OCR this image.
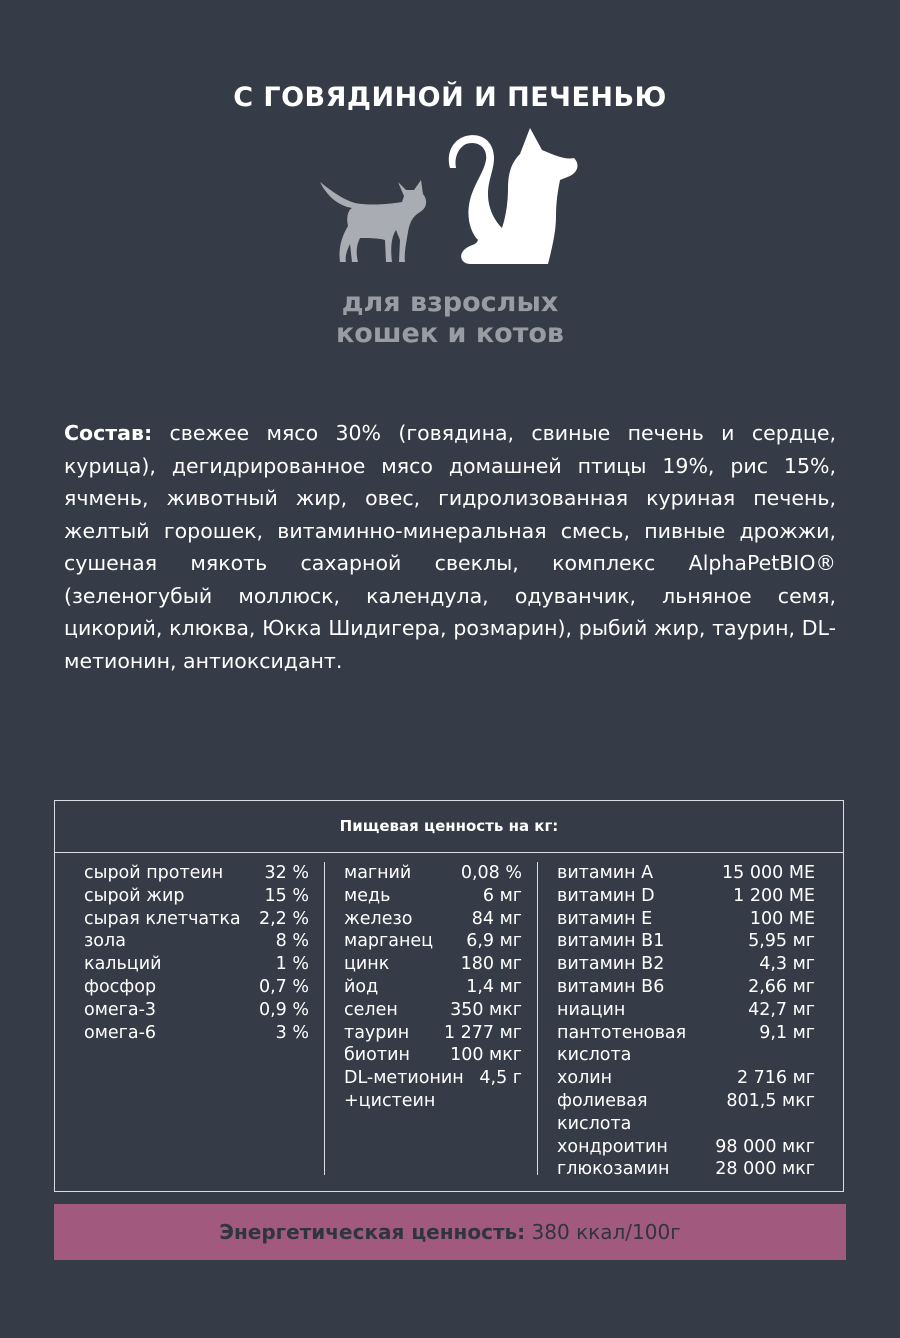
С ГОВЯДИНОЙ И ПЕЧЕНЬЮ
для взрослых
кошек и котов
Состав: свежее мясо 30% (говядина, свиные печень и сердце, курица), дегидрированное мясо домашней птицы 19%, рис 15%, ячмень, животный жир, овес, гидролизованная куриная печень, желтый горошек, витаминно-минеральная смесь, пивные дрожжи, сушеная мякоть сахарной свеклы, комплекс AlphaPetBIO® (зеленогубый моллюск, календула, одуванчик, льняное семя, цикорий, клюква, Юкка Шидигера, розмарин), рыбий жир, таурин, DL-метионин, антиоксидант.
Пищевая ценность на кг:
сырой протеин 32 %
сырой жир	15 %
сырая клетчатка 2,2 %
зола	8 %
кальций	1 %
фосфор	0,7 %
омега-3	0,9 %
омега-6	3 %
магний	0,08 %
медь	6 мг
железо	84 мг
марганец 6,9 мг
цинк	180 мг
йод	1,4 мг
селен	350 мкг
таурин 1 277 мг
биотин 100 мкг
DL-метионин +цистеин
4,5 г
витамин А	15 000 МЕ
витамин D	1 200 МЕ
витамин Е	100 МЕ
витамин В1	5,95 мг
витамин В2	4,3 мг
витамин В6	2,66 мг
ниацин	42,7 мг
пантотеновая кислота
9,1 мг
холин	2 716 мг
фолиевая кислота
801,5 мкг
хондроитин	98 000 мкг
глюкозамин	28 000 мкг
Энергетическая ценность: 380 ккал/100г
